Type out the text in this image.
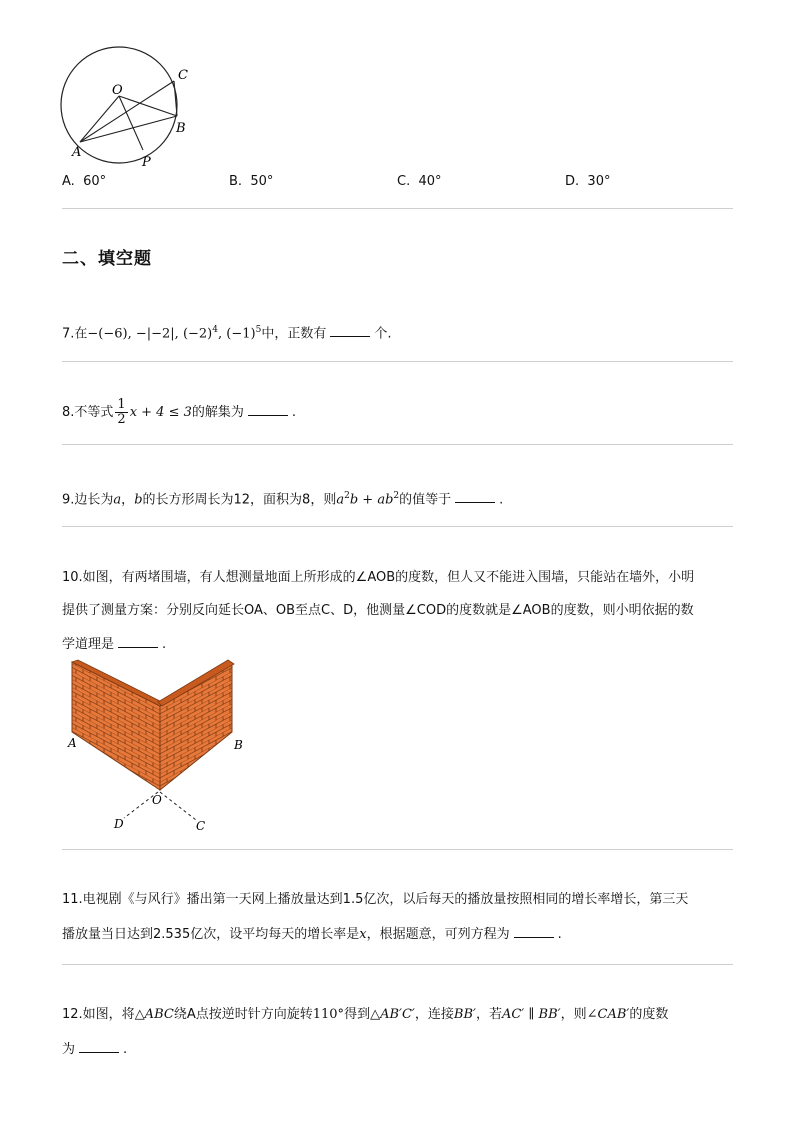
O
C
B
A
P
A. 60°	B. 50°	C. 40°	D. 30°
二、填空题
7.在−(−6), −|−2|, $(-2)^4$, $(-1)^5$中，正数有	个.
8.不等式 $\frac{1}{2}$ x + 4 ≤ 3的解集为	.
9.边长为a，b的长方形周长为12，面积为8，则$a^2b + ab^2$的值等于	.
10.如图，有两堵围墙，有人想测量地面上所形成的∠AOB的度数，但人又不能进入围墙，只能站在墙外，小明
提供了测量方案：分别反向延长OA、OB至点C、D，他测量∠COD的度数就是∠AOB的度数，则小明依据的数
学道理是	.
A	B
O
D	C
11.电视剧《与风行》播出第一天网上播放量达到1.5亿次，以后每天的播放量按照相同的增长率增长，第三天
播放量当日达到2.535亿次，设平均每天的增长率是x，根据题意，可列方程为	.
12.如图，将△ABC绕A点按逆时针方向旋转110°得到△AB′C′，连接BB′，若AC′ ∥ BB′，则∠CAB′的度数
为	.
